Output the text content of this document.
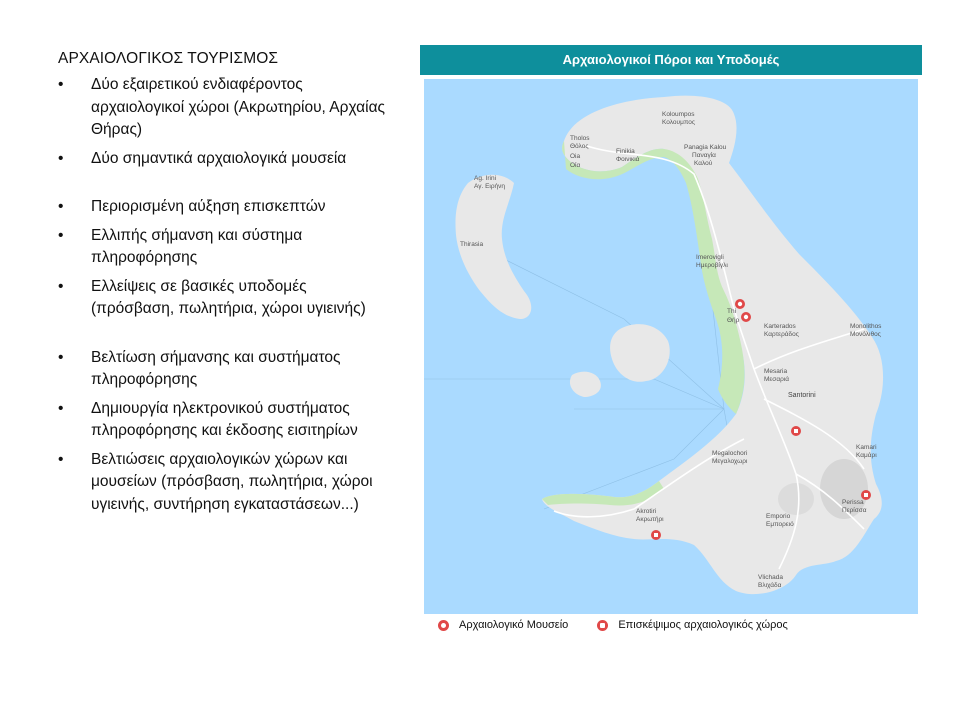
ΑΡΧΑΙΟΛΟΓΙΚΟΣ ΤΟΥΡΙΣΜΟΣ
• Δύο εξαιρετικού ενδιαφέροντος αρχαιολογικοί χώροι (Ακρωτηρίου, Αρχαίας Θήρας)
• Δύο σημαντικά αρχαιολογικά μουσεία
• Περιορισμένη αύξηση επισκεπτών
• Ελλιπής σήμανση και σύστημα πληροφόρησης
• Ελλείψεις σε βασικές υποδομές (πρόσβαση, πωλητήρια, χώροι υγιεινής)
• Βελτίωση σήμανσης και συστήματος πληροφόρησης
• Δημιουργία ηλεκτρονικού συστήματος πληροφόρησης και έκδοσης εισιτηρίων
• Βελτιώσεις αρχαιολογικών χώρων και μουσείων (πρόσβαση, πωλητήρια, χώροι υγιεινής, συντήρηση εγκαταστάσεων...)
Αρχαιολογικοί Πόροι και Υποδομές
Koloumpos
Κολουμπος
Tholos
Θόλος
Oia
Οία
Finikia
Φοινικιά
Panagia Kalou
Παναγία
Καλού
Ag. Irini
Αγ. Ειρήνη
Thirasia
Imerovigli
Ημεροβίγλι
Thi
Θήρ
Karterados
Καρτεράδος
Monolithos
Μονόλιθος
Mesaria
Μεσαριά
Santorini
Megalochori
Μεγαλοχωρι
Kamari
Καμάρι
Akrotiri
Ακρωτήρι	Emporio
Εμπορειό
Perissa
Περίσσα
Vlichada
Βλιχάδα
Αρχαιολογικό Μουσείο
	Επισκέψιμος αρχαιολογικός χώρος
